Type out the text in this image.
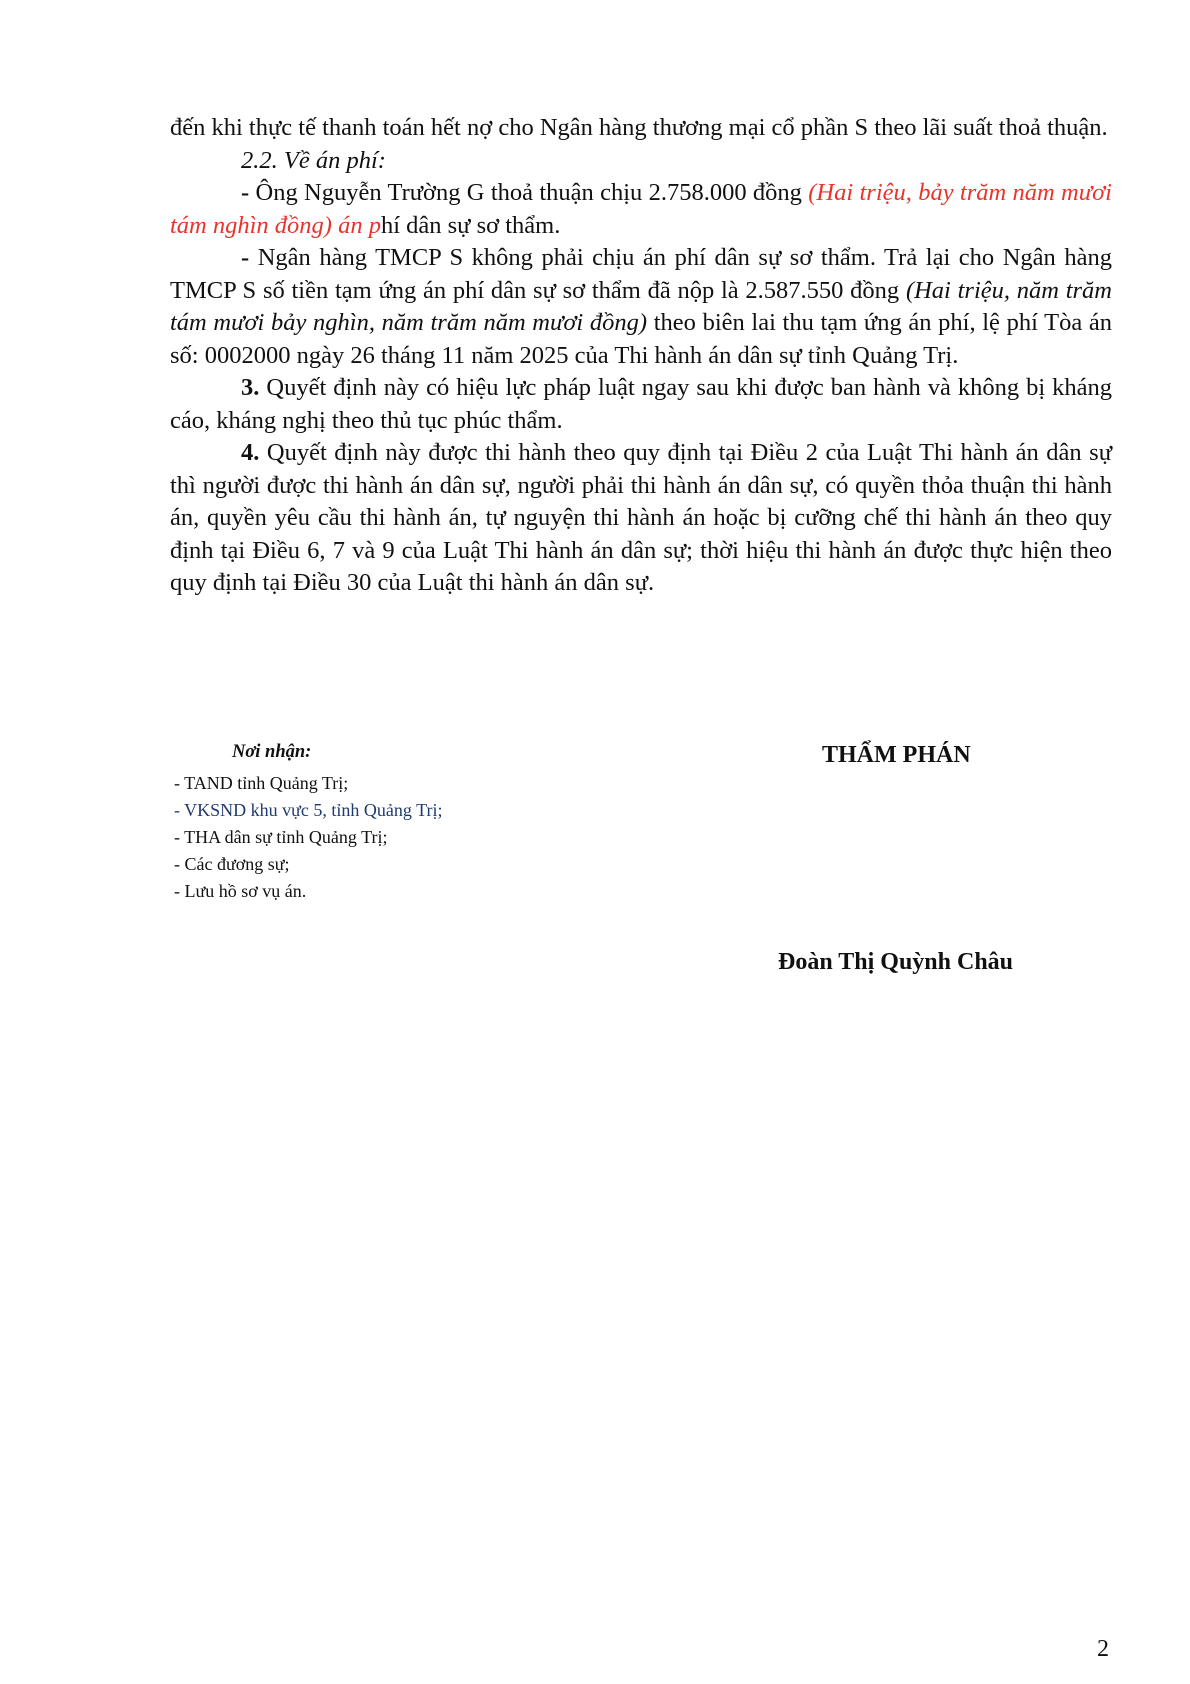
đến khi thực tế thanh toán hết nợ cho Ngân hàng thương mại cổ phần S theo lãi suất thoả thuận.

2.2. Về án phí:

- Ông Nguyễn Trường G thoả thuận chịu 2.758.000 đồng (Hai triệu, bảy trăm năm mươi tám nghìn đồng) án phí dân sự sơ thẩm.

- Ngân hàng TMCP S không phải chịu án phí dân sự sơ thẩm. Trả lại cho Ngân hàng TMCP S số tiền tạm ứng án phí dân sự sơ thẩm đã nộp là 2.587.550 đồng (Hai triệu, năm trăm tám mươi bảy nghìn, năm trăm năm mươi đồng) theo biên lai thu tạm ứng án phí, lệ phí Tòa án số: 0002000 ngày 26 tháng 11 năm 2025 của Thi hành án dân sự tỉnh Quảng Trị.

3. Quyết định này có hiệu lực pháp luật ngay sau khi được ban hành và không bị kháng cáo, kháng nghị theo thủ tục phúc thẩm.

4. Quyết định này được thi hành theo quy định tại Điều 2 của Luật Thi hành án dân sự thì người được thi hành án dân sự, người phải thi hành án dân sự, có quyền thỏa thuận thi hành án, quyền yêu cầu thi hành án, tự nguyện thi hành án hoặc bị cưỡng chế thi hành án theo quy định tại Điều 6, 7 và 9 của Luật Thi hành án dân sự; thời hiệu thi hành án được thực hiện theo quy định tại Điều 30 của Luật thi hành án dân sự.

Nơi nhận:
- TAND tỉnh Quảng Trị;
- VKSND khu vực 5, tỉnh Quảng Trị;
- THA dân sự tỉnh Quảng Trị;
- Các đương sự;
- Lưu hồ sơ vụ án.
THẨM PHÁN
Đoàn Thị Quỳnh Châu
2
